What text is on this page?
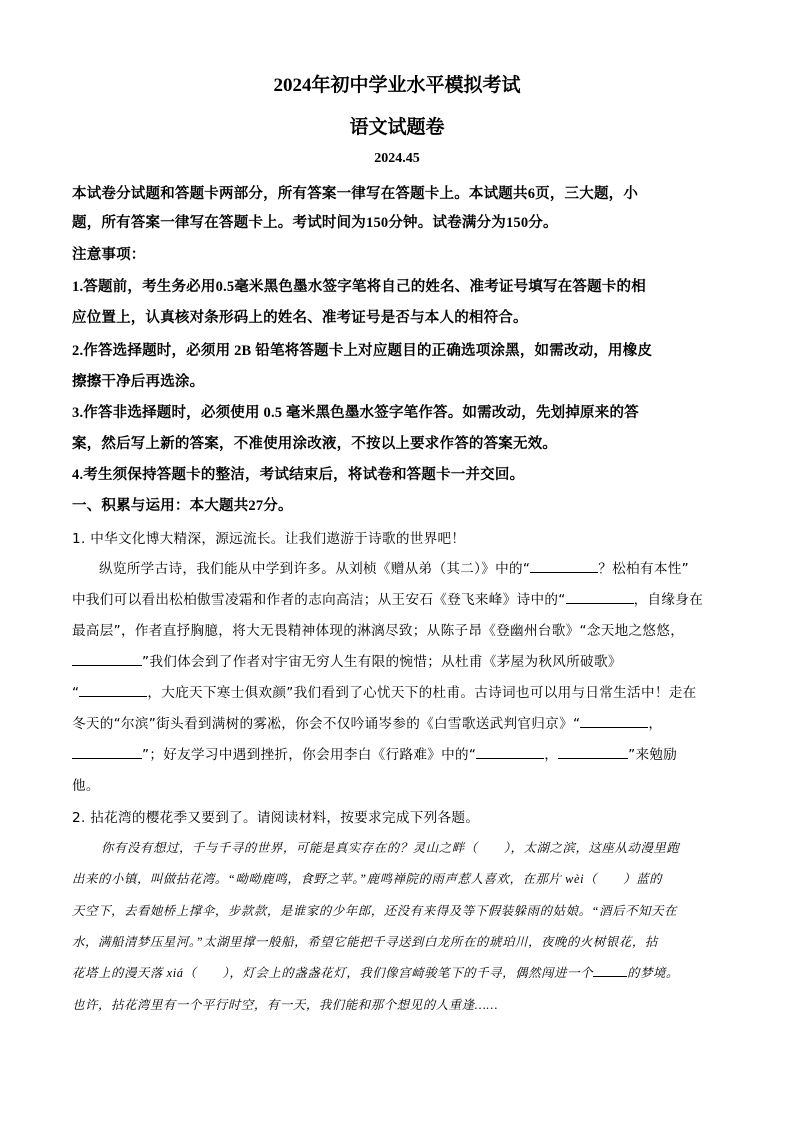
2024年初中学业水平模拟考试
语文试题卷
2024.45
本试卷分试题和答题卡两部分，所有答案一律写在答题卡上。本试题共6页，三大题，小
题，所有答案一律写在答题卡上。考试时间为150分钟。试卷满分为150分。
注意事项：
1.答题前，考生务必用0.5毫米黑色墨水签字笔将自己的姓名、准考证号填写在答题卡的相
应位置上，认真核对条形码上的姓名、准考证号是否与本人的相符合。
2.作答选择题时，必须用 2B 铅笔将答题卡上对应题目的正确选项涂黑，如需改动，用橡皮
擦擦干净后再选涂。
3.作答非选择题时，必须使用 0.5 毫米黑色墨水签字笔作答。如需改动，先划掉原来的答
案，然后写上新的答案，不准使用涂改液，不按以上要求作答的答案无效。
4.考生须保持答题卡的整洁，考试结束后，将试卷和答题卡一并交回。
一、积累与运用：本大题共27分。
1. 中华文化博大精深，源远流长。让我们遨游于诗歌的世界吧！
纵览所学古诗，我们能从中学到许多。从刘桢《赠从弟（其二）》中的“	？松柏有本性”
中我们可以看出松柏傲雪凌霜和作者的志向高洁；从王安石《登飞来峰》诗中的“	，自缘身在
最高层”，作者直抒胸臆，将大无畏精神体现的淋漓尽致；从陈子昂《登幽州台歌》“念天地之悠悠，
”我们体会到了作者对宇宙无穷人生有限的惋惜；从杜甫《茅屋为秋风所破歌》
“	，大庇天下寒士俱欢颜”我们看到了心忧天下的杜甫。古诗词也可以用与日常生活中！走在
冬天的“尔滨”街头看到满树的雾凇，你会不仅吟诵岑参的《白雪歌送武判官归京》“	，
”；好友学习中遇到挫折，你会用李白《行路难》中的“	，	”来勉励
他。
2. 拈花湾的樱花季又要到了。请阅读材料，按要求完成下列各题。
你有没有想过，千与千寻的世界，可能是真实存在的？灵山之畔（　　），太湖之滨，这座从动漫里跑
出来的小镇，叫做拈花湾。“呦呦鹿鸣，食野之苹。”鹿鸣禅院的雨声惹人喜欢，在那片 wèi（　　）蓝的
天空下，去看她桥上撑伞，步款款，是谁家的少年郎，还没有来得及等下假装躲雨的姑娘。“酒后不知天在
水，满船清梦压星河。”太湖里撑一般船，希望它能把千寻送到白龙所在的琥珀川，夜晚的火树银花，拈
花塔上的漫天落 xiá（　　），灯会上的盏盏花灯，我们像宫崎骏笔下的千寻，偶然闯进一个	的梦境。
也许，拈花湾里有一个平行时空，有一天，我们能和那个想见的人重逢……
